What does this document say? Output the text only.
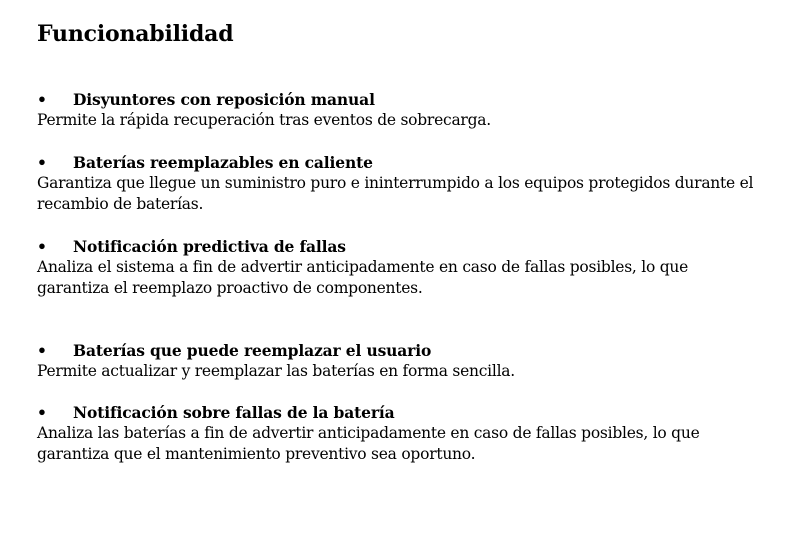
Funcionabilidad
•	Disyuntores con reposición manual

Permite la rápida recuperación tras eventos de sobrecarga.

•	Baterías reemplazables en caliente

Garantiza que llegue un suministro puro e ininterrumpido a los equipos protegidos durante el recambio de baterías.

•	Notificación predictiva de fallas

Analiza el sistema a fin de advertir anticipadamente en caso de fallas posibles, lo que garantiza el reemplazo proactivo de componentes.

•	Baterías que puede reemplazar el usuario

Permite actualizar y reemplazar las baterías en forma sencilla.

•	Notificación sobre fallas de la batería

Analiza las baterías a fin de advertir anticipadamente en caso de fallas posibles, lo que garantiza que el mantenimiento preventivo sea oportuno.
